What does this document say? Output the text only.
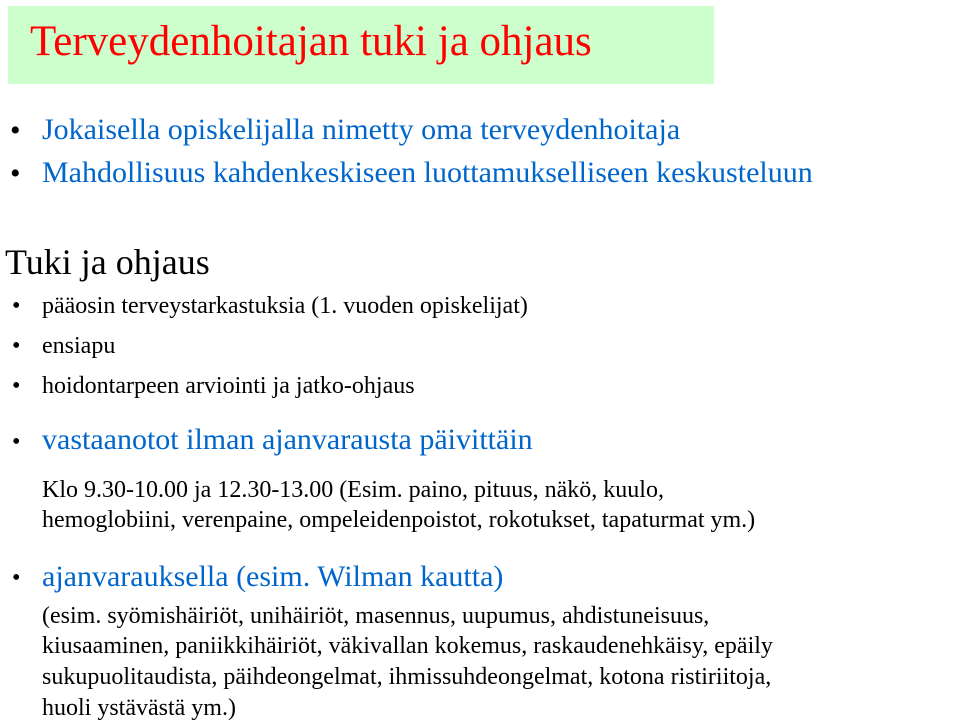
Terveydenhoitajan tuki ja ohjaus
• Jokaisella opiskelijalla nimetty oma terveydenhoitaja
• Mahdollisuus kahdenkeskiseen luottamukselliseen keskusteluun
Tuki ja ohjaus
• pääosin terveystarkastuksia (1. vuoden opiskelijat)
• ensiapu
• hoidontarpeen arviointi ja jatko-ohjaus
• vastaanotot ilman ajanvarausta päivittäin
Klo 9.30-10.00 ja 12.30-13.00 (Esim. paino, pituus, näkö, kuulo,
hemoglobiini, verenpaine, ompeleidenpoistot, rokotukset, tapaturmat ym.)
• ajanvarauksella (esim. Wilman kautta)
(esim. syömishäiriöt, unihäiriöt, masennus, uupumus, ahdistuneisuus,
kiusaaminen, paniikkihäiriöt, väkivallan kokemus, raskaudenehkäisy, epäily
sukupuolitaudista, päihdeongelmat, ihmissuhdeongelmat, kotona ristiriitoja,
huoli ystävästä ym.)
